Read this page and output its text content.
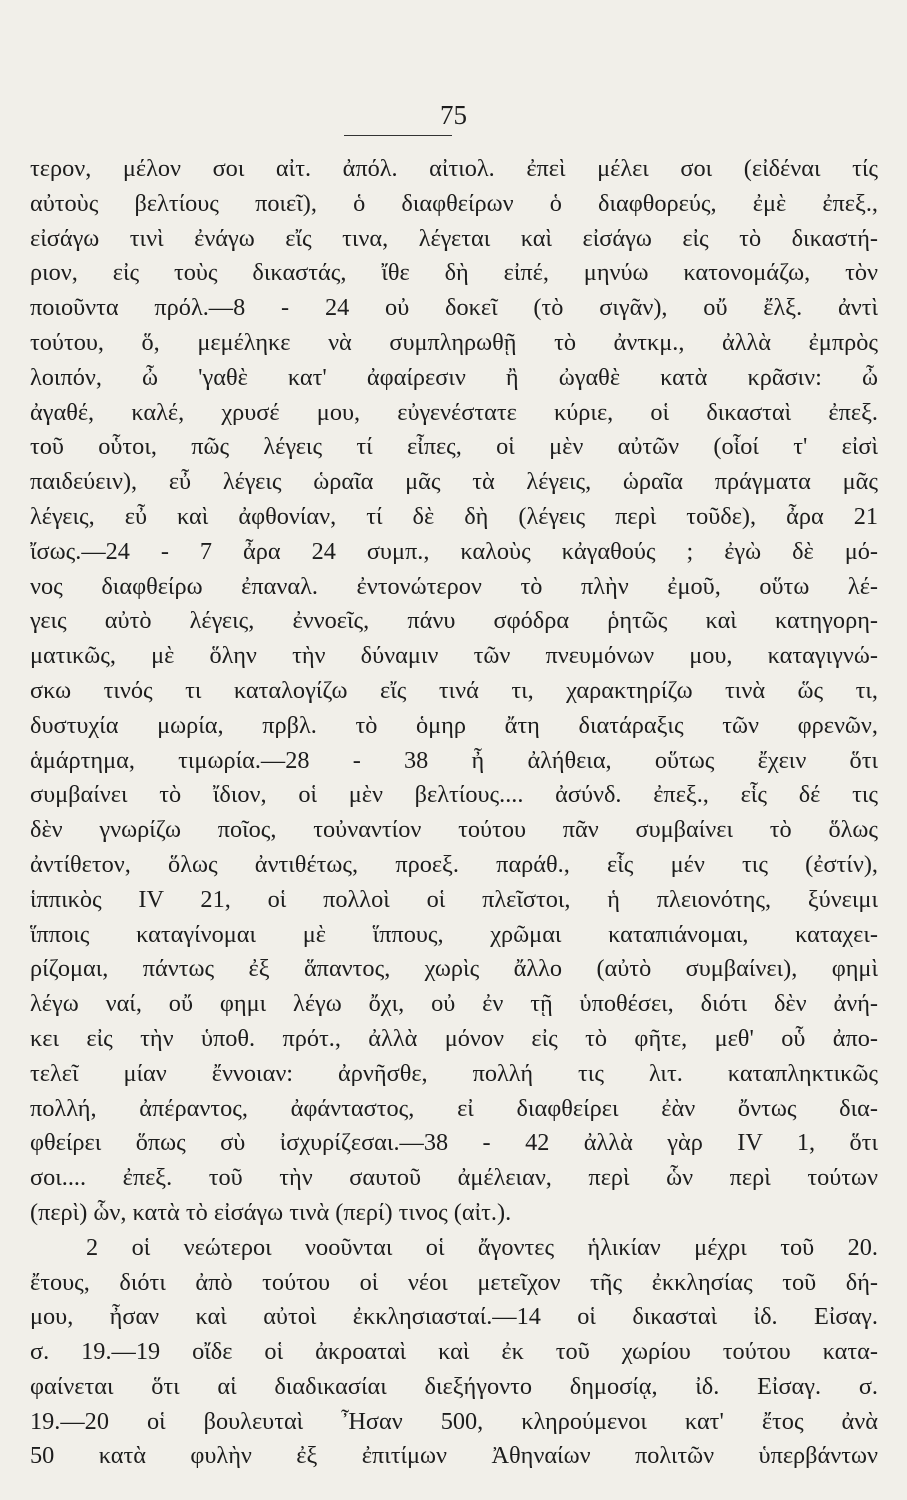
75
τερον, μέλον σοι αἰτ. ἀπόλ. αἰτιολ. ἐπεὶ μέλει σοι (εἰδέναι τίς
αὐτοὺς βελτίους ποιεῖ), ὁ διαφθείρων ὁ διαφθορεύς, ἐμὲ ἐπεξ.,
εἰσάγω τινὶ ἐνάγω εἴς τινα, λέγεται καὶ εἰσάγω εἰς τὸ δικαστή-
ριον, εἰς τοὺς δικαστάς, ἴθε δὴ εἰπέ, μηνύω κατονομάζω, τὸν
ποιοῦντα πρόλ.—8 - 24 οὐ δοκεῖ (τὸ σιγᾶν), οὔ ἔλξ. ἀντὶ
τούτου, ὅ, μεμέληκε νὰ συμπληρωθῇ τὸ ἀντκμ., ἀλλὰ ἐμπρὸς
λοιπόν, ὦ 'γαθὲ κατ' ἀφαίρεσιν ἢ ὠγαθὲ κατὰ κρᾶσιν: ὦ
ἀγαθέ, καλέ, χρυσέ μου, εὐγενέστατε κύριε, οἱ δικασταὶ ἐπεξ.
τοῦ οὗτοι, πῶς λέγεις τί εἶπες, οἱ μὲν αὐτῶν (οἷοί τ' εἰσὶ
παιδεύειν), εὖ λέγεις ὡραῖα μᾶς τὰ λέγεις, ὡραῖα πράγματα μᾶς
λέγεις, εὖ καὶ ἀφθονίαν, τί δὲ δὴ (λέγεις περὶ τοῦδε), ἆρα 21
ἴσως.—24 - 7 ἆρα 24 συμπ., καλοὺς κἀγαθούς ; ἐγὼ δὲ μό-
νος διαφθείρω ἐπαναλ. ἐντονώτερον τὸ πλὴν ἐμοῦ, οὕτω λέ-
γεις αὐτὸ λέγεις, ἐννοεῖς, πάνυ σφόδρα ῥητῶς καὶ κατηγορη-
ματικῶς, μὲ ὅλην τὴν δύναμιν τῶν πνευμόνων μου, καταγιγνώ-
σκω τινός τι καταλογίζω εἴς τινά τι, χαρακτηρίζω τινὰ ὥς τι,
δυστυχία μωρία, πρβλ. τὸ ὁμηρ ἄτη διατάραξις τῶν φρενῶν,
ἁμάρτημα, τιμωρία.—28 - 38 ἦ ἀλήθεια, οὕτως ἔχειν ὅτι
συμβαίνει τὸ ἴδιον, οἱ μὲν βελτίους.... ἀσύνδ. ἐπεξ., εἷς δέ τις
δὲν γνωρίζω ποῖος, τοὐναντίον τούτου πᾶν συμβαίνει τὸ ὅλως
ἀντίθετον, ὅλως ἀντιθέτως, προεξ. παράθ., εἷς μέν τις (ἐστίν),
ἱππικὸς IV 21, οἱ πολλοὶ οἱ πλεῖστοι, ἡ πλειονότης, ξύνειμι
ἵπποις καταγίνομαι μὲ ἵππους, χρῶμαι καταπιάνομαι, καταχει-
ρίζομαι, πάντως ἐξ ἅπαντος, χωρὶς ἄλλο (αὐτὸ συμβαίνει), φημὶ
λέγω ναί, οὔ φημι λέγω ὄχι, οὐ ἐν τῇ ὑποθέσει, διότι δὲν ἀνή-
κει εἰς τὴν ὑποθ. πρότ., ἀλλὰ μόνον εἰς τὸ φῆτε, μεθ' οὗ ἀπο-
τελεῖ μίαν ἔννοιαν: ἀρνῆσθε, πολλή τις λιτ. καταπληκτικῶς
πολλή, ἀπέραντος, ἀφάνταστος, εἰ διαφθείρει ἐὰν ὄντως δια-
φθείρει ὅπως σὺ ἰσχυρίζεσαι.—38 - 42 ἀλλὰ γὰρ IV 1, ὅτι
σοι.... ἐπεξ. τοῦ τὴν σαυτοῦ ἀμέλειαν, περὶ ὧν περὶ τούτων
(περὶ) ὧν, κατὰ τὸ εἰσάγω τινὰ (περί) τινος (αἰτ.).
2 οἱ νεώτεροι νοοῦνται οἱ ἄγοντες ἡλικίαν μέχρι τοῦ 20.
ἔτους, διότι ἀπὸ τούτου οἱ νέοι μετεῖχον τῆς ἐκκλησίας τοῦ δή-
μου, ἦσαν καὶ αὐτοὶ ἐκκλησιασταί.—14 οἱ δικασταὶ ἰδ. Εἰσαγ.
σ. 19.—19 οἴδε οἱ ἀκροαταὶ καὶ ἐκ τοῦ χωρίου τούτου κατα-
φαίνεται ὅτι αἱ διαδικασίαι διεξήγοντο δημοσίᾳ, ἰδ. Εἰσαγ. σ.
19.—20 οἱ βουλευταὶ Ἦσαν 500, κληρούμενοι κατ' ἔτος ἀνὰ
50 κατὰ φυλὴν ἐξ ἐπιτίμων Ἀθηναίων πολιτῶν ὑπερβάντων
